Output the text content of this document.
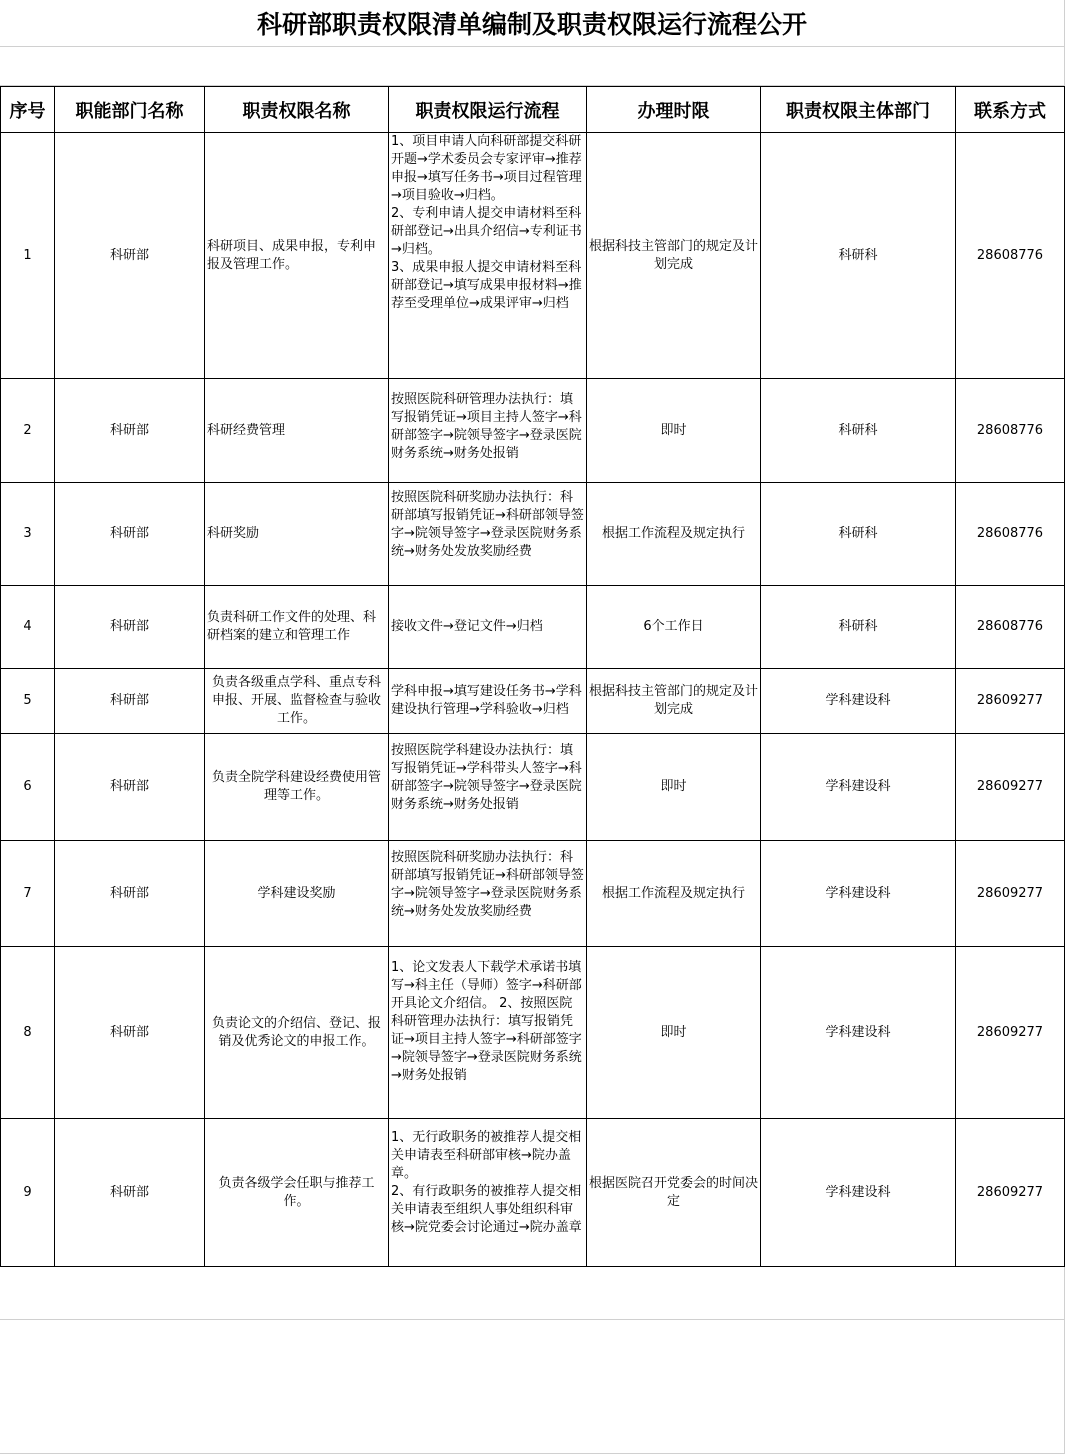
科研部职责权限清单编制及职责权限运行流程公开
序号	职能部门名称	职责权限名称	职责权限运行流程	办理时限	职责权限主体部门	联系方式
1	科研部	科研项目、成果申报，专利申报及管理工作。	1、项目申请人向科研部提交科研开题→学术委员会专家评审→推荐申报→填写任务书→项目过程管理→项目验收→归档。
2、专利申请人提交申请材料至科研部登记→出具介绍信→专利证书→归档。
3、成果申报人提交申请材料至科研部登记→填写成果申报材料→推荐至受理单位→成果评审→归档	根据科技主管部门的规定及计划完成	科研科	28608776
2	科研部	科研经费管理	按照医院科研管理办法执行：填写报销凭证→项目主持人签字→科研部签字→院领导签字→登录医院财务系统→财务处报销	即时	科研科	28608776
3	科研部	科研奖励	按照医院科研奖励办法执行：科研部填写报销凭证→科研部领导签字→院领导签字→登录医院财务系统→财务处发放奖励经费	根据工作流程及规定执行	科研科	28608776
4	科研部	负责科研工作文件的处理、科研档案的建立和管理工作	接收文件→登记文件→归档	6个工作日	科研科	28608776
5	科研部	负责各级重点学科、重点专科申报、开展、监督检查与验收工作。	学科申报→填写建设任务书→学科建设执行管理→学科验收→归档	根据科技主管部门的规定及计划完成	学科建设科	28609277
6	科研部	负责全院学科建设经费使用管理等工作。	按照医院学科建设办法执行：填写报销凭证→学科带头人签字→科研部签字→院领导签字→登录医院财务系统→财务处报销	即时	学科建设科	28609277
7	科研部	学科建设奖励	按照医院科研奖励办法执行：科研部填写报销凭证→科研部领导签字→院领导签字→登录医院财务系统→财务处发放奖励经费	根据工作流程及规定执行	学科建设科	28609277
8	科研部	负责论文的介绍信、登记、报销及优秀论文的申报工作。	1、论文发表人下载学术承诺书填写→科主任（导师）签字→科研部开具论文介绍信。 2、按照医院科研管理办法执行：填写报销凭证→项目主持人签字→科研部签字→院领导签字→登录医院财务系统→财务处报销	即时	学科建设科	28609277
9	科研部	负责各级学会任职与推荐工作。	1、无行政职务的被推荐人提交相关申请表至科研部审核→院办盖章。
2、有行政职务的被推荐人提交相关申请表至组织人事处组织科审核→院党委会讨论通过→院办盖章	根据医院召开党委会的时间决定	学科建设科	28609277
